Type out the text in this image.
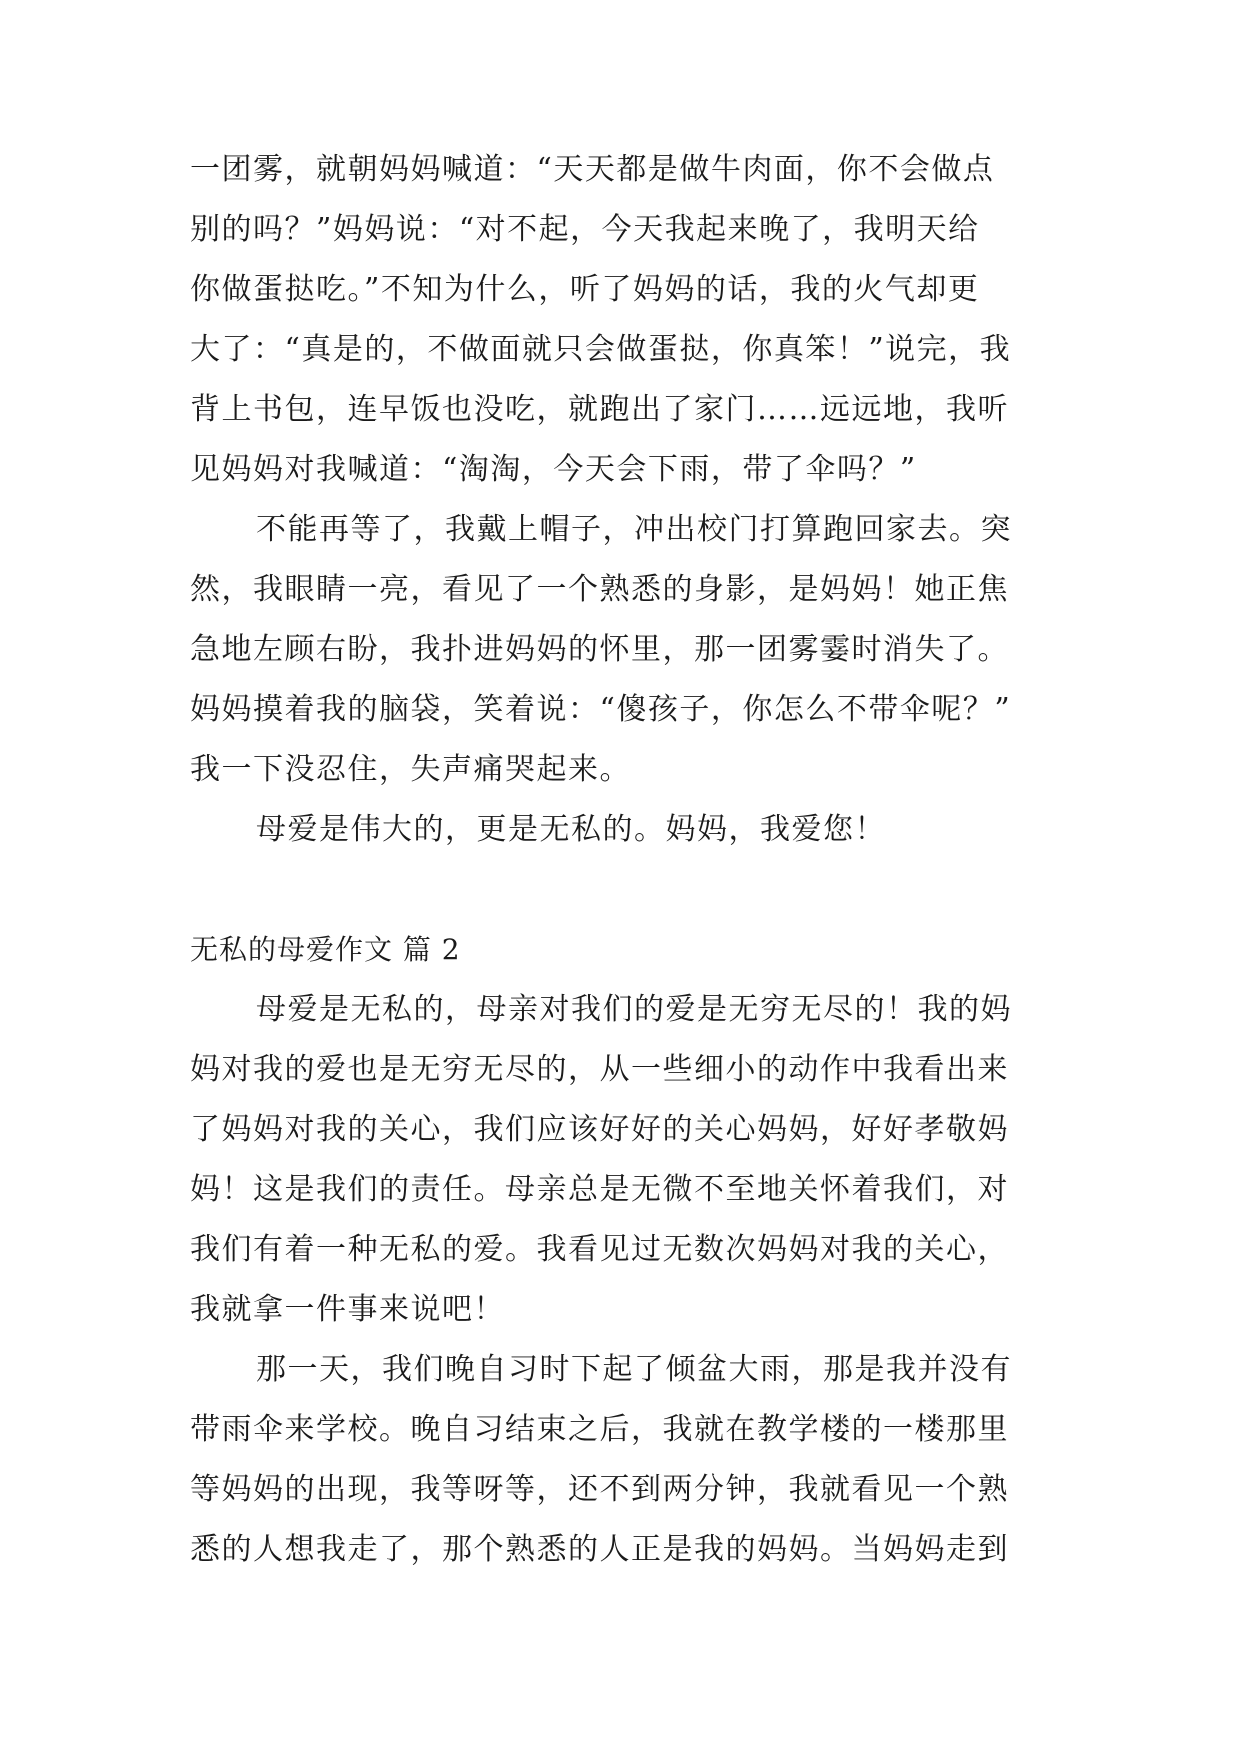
一团雾，就朝妈妈喊道：“天天都是做牛肉面，你不会做点
别的吗？”妈妈说：“对不起，今天我起来晚了，我明天给
你做蛋挞吃。”不知为什么，听了妈妈的话，我的火气却更
大了：“真是的，不做面就只会做蛋挞，你真笨！”说完，我
背上书包，连早饭也没吃，就跑出了家门……远远地，我听
见妈妈对我喊道：“淘淘，今天会下雨，带了伞吗？”
不能再等了，我戴上帽子，冲出校门打算跑回家去。突
然，我眼睛一亮，看见了一个熟悉的身影，是妈妈！她正焦
急地左顾右盼，我扑进妈妈的怀里，那一团雾霎时消失了。
妈妈摸着我的脑袋，笑着说：“傻孩子，你怎么不带伞呢？”
我一下没忍住，失声痛哭起来。
母爱是伟大的，更是无私的。妈妈，我爱您！
无私的母爱作文 篇 2
母爱是无私的，母亲对我们的爱是无穷无尽的！我的妈
妈对我的爱也是无穷无尽的，从一些细小的动作中我看出来
了妈妈对我的关心，我们应该好好的关心妈妈，好好孝敬妈
妈！这是我们的责任。母亲总是无微不至地关怀着我们，对
我们有着一种无私的爱。我看见过无数次妈妈对我的关心，
我就拿一件事来说吧！
那一天，我们晚自习时下起了倾盆大雨，那是我并没有
带雨伞来学校。晚自习结束之后，我就在教学楼的一楼那里
等妈妈的出现，我等呀等，还不到两分钟，我就看见一个熟
悉的人想我走了，那个熟悉的人正是我的妈妈。当妈妈走到
